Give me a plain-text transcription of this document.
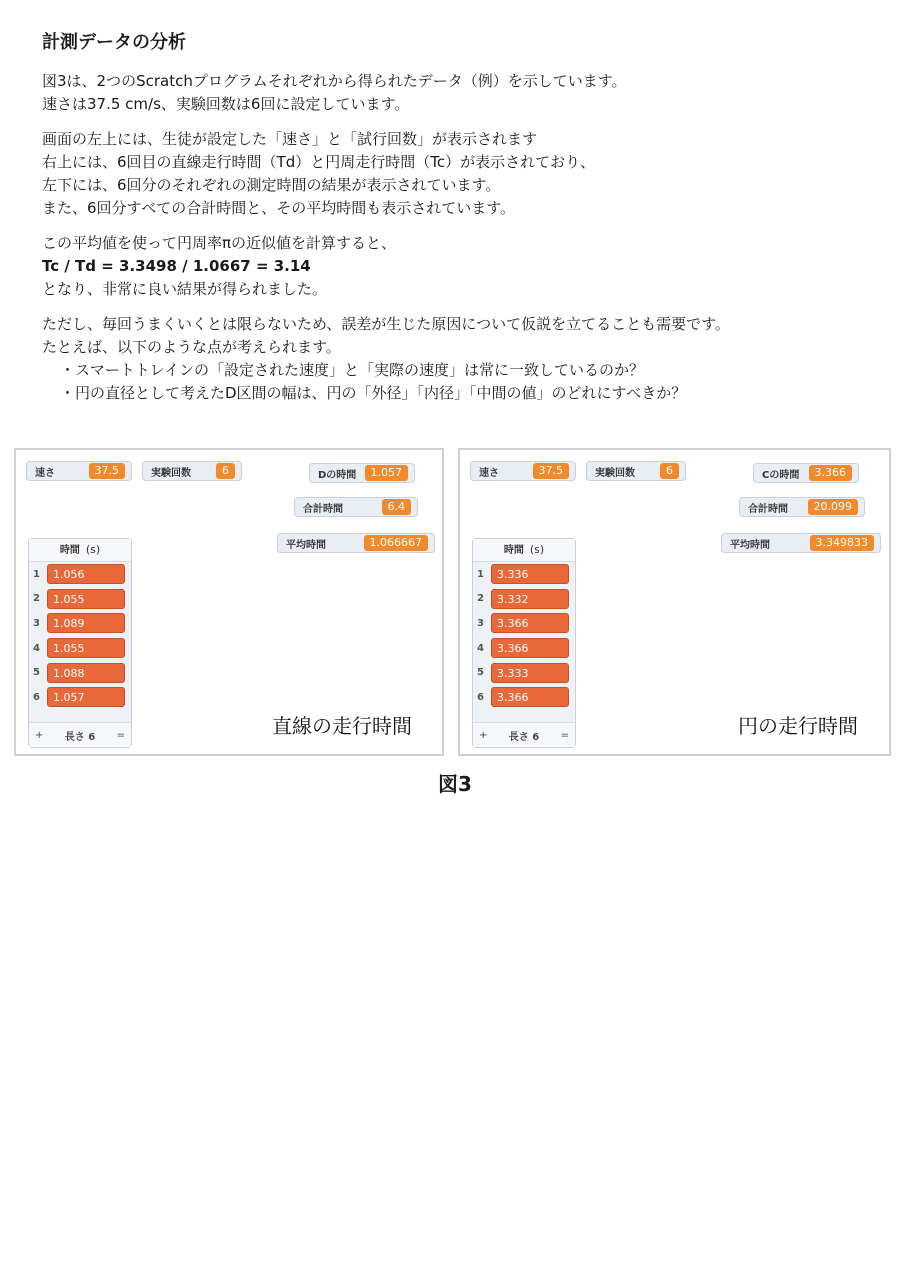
計測データの分析
図3は、2つのScratchプログラムそれぞれから得られたデータ（例）を示しています。
速さは37.5 cm/s、実験回数は6回に設定しています。
画面の左上には、生徒が設定した「速さ」と「試行回数」が表示されます
右上には、6回目の直線走行時間（Td）と円周走行時間（Tc）が表示されており、
左下には、6回分のそれぞれの測定時間の結果が表示されています。
また、6回分すべての合計時間と、その平均時間も表示されています。
この平均値を使って円周率πの近似値を計算すると、
Tc / Td = 3.3498 / 1.0667 = 3.14
となり、非常に良い結果が得られました。
ただし、毎回うまくいくとは限らないため、誤差が生じた原因について仮説を立てることも需要です。
たとえば、以下のような点が考えられます。
・スマートトレインの「設定された速度」と「実際の速度」は常に一致しているのか？
・円の直径として考えたD区間の幅は、円の「外径」「内径」「中間の値」のどれにすべきか？
速さ	37.5	実験回数	6	Dの時間	1.057
合計時間	6.4
平均時間	1.066667
時間 (s)
1	1.056
2	1.055
3	1.089
4	1.055
5	1.088
6	1.057
+ 長さ 6 =	直線の走行時間
速さ	37.5	実験回数	6	Cの時間	3.366
合計時間	20.099
平均時間	3.349833
時間 (s)
1	3.336
2	3.332
3	3.366
4	3.366
5	3.333
6	3.366
+ 長さ 6 =	円の走行時間
図3
